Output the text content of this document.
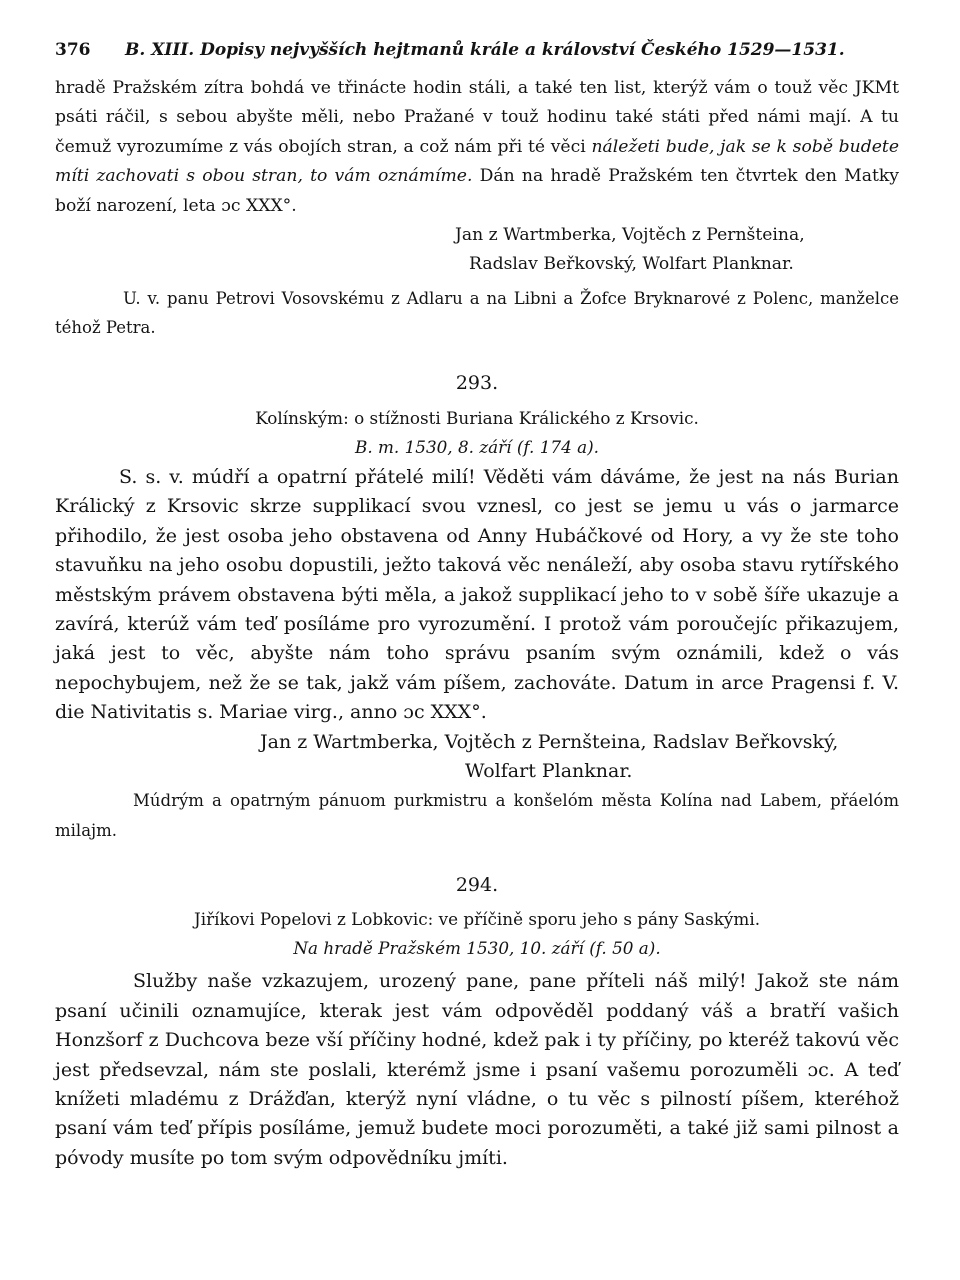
376	B. XIII. Dopisy nejvyšších hejtmanů krále a království Českého 1529—1531.

hradě Pražském zítra bohdá ve třinácte hodin stáli, a také ten list, kterýž vám o touž věc JKMt psáti ráčil, s sebou abyšte měli, nebo Pražané v touž hodinu také státi před námi mají. A tu čemuž vyrozumíme z vás obojích stran, a což nám při té věci náležeti bude, jak se k sobě budete míti zachovati s obou stran, to vám oznámíme. Dán na hradě Pražském ten čtvrtek den Matky boží narození, leta ɔc XXX°.

Jan z Wartmberka, Vojtěch z Pernšteina,

Radslav Beřkovský, Wolfart Planknar.

U. v. panu Petrovi Vosovskému z Adlaru a na Libni a Žofce Bryknarové z Polenc, manželce téhož Petra.

293.

Kolínským: o stížnosti Buriana Králického z Krsovic.

B. m. 1530, 8. září (f. 174 a).

S. s. v. múdří a opatrní přátelé milí! Věděti vám dáváme, že jest na nás Burian Králický z Krsovic skrze supplikací svou vznesl, co jest se jemu u vás o jarmarce přihodilo, že jest osoba jeho obstavena od Anny Hubáčkové od Hory, a vy že ste toho stavuňku na jeho osobu dopustili, ježto taková věc nenáleží, aby osoba stavu rytířského městským právem obstavena býti měla, a jakož supplikací jeho to v sobě šíře ukazuje a zavírá, kterúž vám teď posíláme pro vyrozumění. I protož vám poroučejíc přikazujem, jaká jest to věc, abyšte nám toho správu psaním svým oznámili, kdež o vás nepochybujem, než že se tak, jakž vám píšem, zachováte. Datum in arce Pragensi f. V. die Nativitatis s. Mariae virg., anno ɔc XXX°.

Jan z Wartmberka, Vojtěch z Pernšteina, Radslav Beřkovský,
Wolfart Planknar.

Múdrým a opatrným pánuom purkmistru a konšelóm města Kolína nad Labem, přáelóm milajm.

294.

Jiříkovi Popelovi z Lobkovic: ve příčině sporu jeho s pány Saskými.

Na hradě Pražském 1530, 10. září (f. 50 a).

Služby naše vzkazujem, urozený pane, pane příteli náš milý! Jakož ste nám psaní učinili oznamujíce, kterak jest vám odpověděl poddaný váš a bratří vašich Honzšorf z Duchcova beze vší příčiny hodné, kdež pak i ty příčiny, po kteréž takovú věc jest předsevzal, nám ste poslali, kterémž jsme i psaní vašemu porozuměli ɔc. A teď knížeti mladému z Drážďan, kterýž nyní vládne, o tu věc s pilností píšem, kteréhož psaní vám teď přípis posíláme, jemuž budete moci porozuměti, a také již sami pilnost a póvody musíte po tom svým odpovědníku jmíti.
